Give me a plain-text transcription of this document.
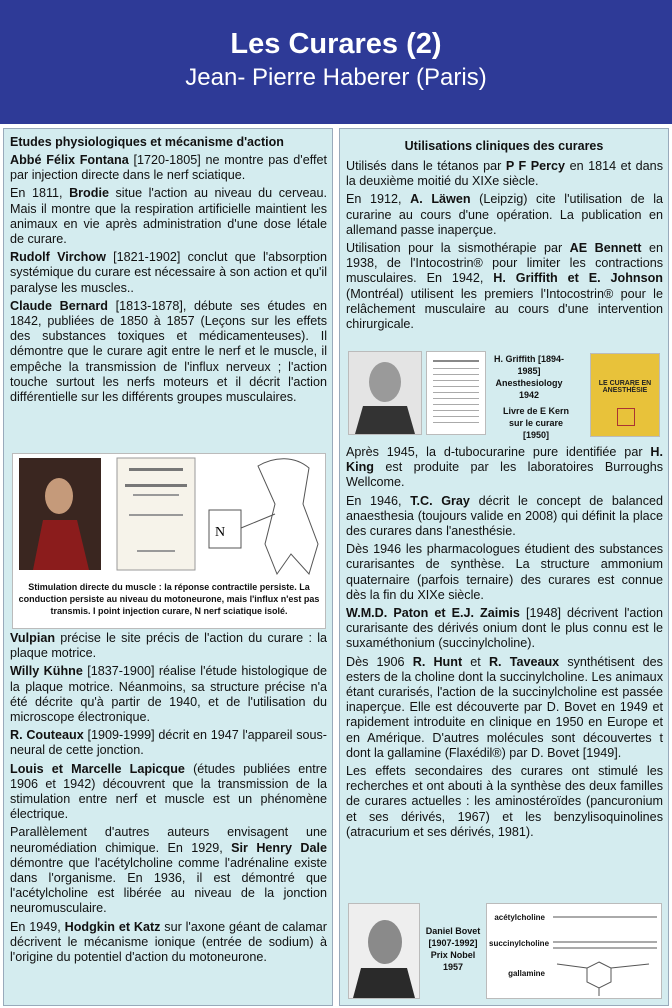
Les Curares (2)
Jean- Pierre Haberer (Paris)
Etudes physiologiques et mécanisme d'action

Abbé Félix Fontana [1720-1805] ne montre pas d'effet par injection directe dans le nerf sciatique.

En 1811, Brodie situe l'action au niveau du cerveau. Mais il montre que la respiration artificielle maintient les animaux en vie après administration d'une dose létale de curare.

Rudolf Virchow [1821-1902] conclut que l'absorption systémique du curare est nécessaire à son action et qu'il paralyse les muscles..

Claude Bernard [1813-1878], débute ses études en 1842, publiées de 1850 à 1857 (Leçons sur les effets des substances toxiques et médicamenteuses). Il démontre que le curare agit entre le nerf et le muscle, il empêche la transmission de l'influx nerveux ; l'action touche surtout les nerfs moteurs et il décrit l'action différentielle sur les différents groupes musculaires.

N
Stimulation directe du muscle : la réponse contractile persiste. La conduction persiste au niveau du motoneurone, mais l'influx n'est pas transmis. I point injection curare, N nerf sciatique isolé.

Vulpian précise le site précis de l'action du curare : la plaque motrice.

Willy Kühne [1837-1900] réalise l'étude histologique de la plaque motrice. Néanmoins, sa structure précise n'a été décrite qu'à partir de 1940, et de l'utilisation du microscope électronique.

R. Couteaux [1909-1999] décrit en 1947 l'appareil sous-neural de cette jonction.

Louis et Marcelle Lapicque (études publiées entre 1906 et 1942) découvrent que la transmission de la stimulation entre nerf et muscle est un phénomène électrique.

Parallèlement d'autres auteurs envisagent une neuromédiation chimique. En 1929, Sir Henry Dale démontre que l'acétylcholine comme l'adrénaline existe dans l'organisme. En 1936, il est démontré que l'acétylcholine est libérée au niveau de la jonction neuromusculaire.

En 1949, Hodgkin et Katz sur l'axone géant de calamar décrivent le mécanisme ionique (entrée de sodium) à l'origine du potentiel d'action du motoneurone.

Utilisations cliniques des curares

Utilisés dans le tétanos par P F Percy en 1814 et dans la deuxième moitié du XIXe siècle.

En 1912, A. Läwen (Leipzig) cite l'utilisation de la curarine au cours d'une opération. La publication en allemand passe inaperçue.

Utilisation pour la sismothérapie par AE Bennett en 1938, de l'Intocostrin® pour limiter les contractions musculaires. En 1942, H. Griffith et E. Johnson (Montréal) utilisent les premiers l'Intocostrin® pour le relâchement musculaire au cours d'une intervention chirurgicale.

H. Griffith [1894-1985] Anesthesiology 1942
Livre de E Kern sur le curare [1950]
LE CURARE EN ANESTHÉSIE

Après 1945, la d-tubocurarine pure identifiée par H. King est produite par les laboratoires Burroughs Wellcome.

En 1946, T.C. Gray décrit le concept de balanced anaesthesia (toujours valide en 2008) qui définit la place des curares dans l'anesthésie.

Dès 1946 les pharmacologues étudient des substances curarisantes de synthèse. La structure ammonium quaternaire (parfois ternaire) des curares est connue dès la fin du XIXe siècle.

W.M.D. Paton et E.J. Zaimis [1948] décrivent l'action curarisante des dérivés onium dont le plus connu est le suxaméthonium (succinylcholine).

Dès 1906 R. Hunt et R. Taveaux synthétisent des esters de la choline dont la succinylcholine. Les animaux étant curarisés, l'action de la succinylcholine est passée inaperçue. Elle est découverte par D. Bovet en 1949 et rapidement introduite en clinique en 1950 en Europe et en Amérique. D'autres molécules sont découvertes t dont la gallamine (Flaxédil®) par D. Bovet [1949].

Les effets secondaires des curares ont stimulé les recherches et ont abouti à la synthèse des deux familles de curares actuelles : les aminostéroïdes (pancuronium et ses dérivés, 1967) et les benzylisoquinolines (atracurium et ses dérivés, 1981).

Daniel Bovet [1907-1992] Prix Nobel 1957
acétylcholine
succinylcholine
gallamine
